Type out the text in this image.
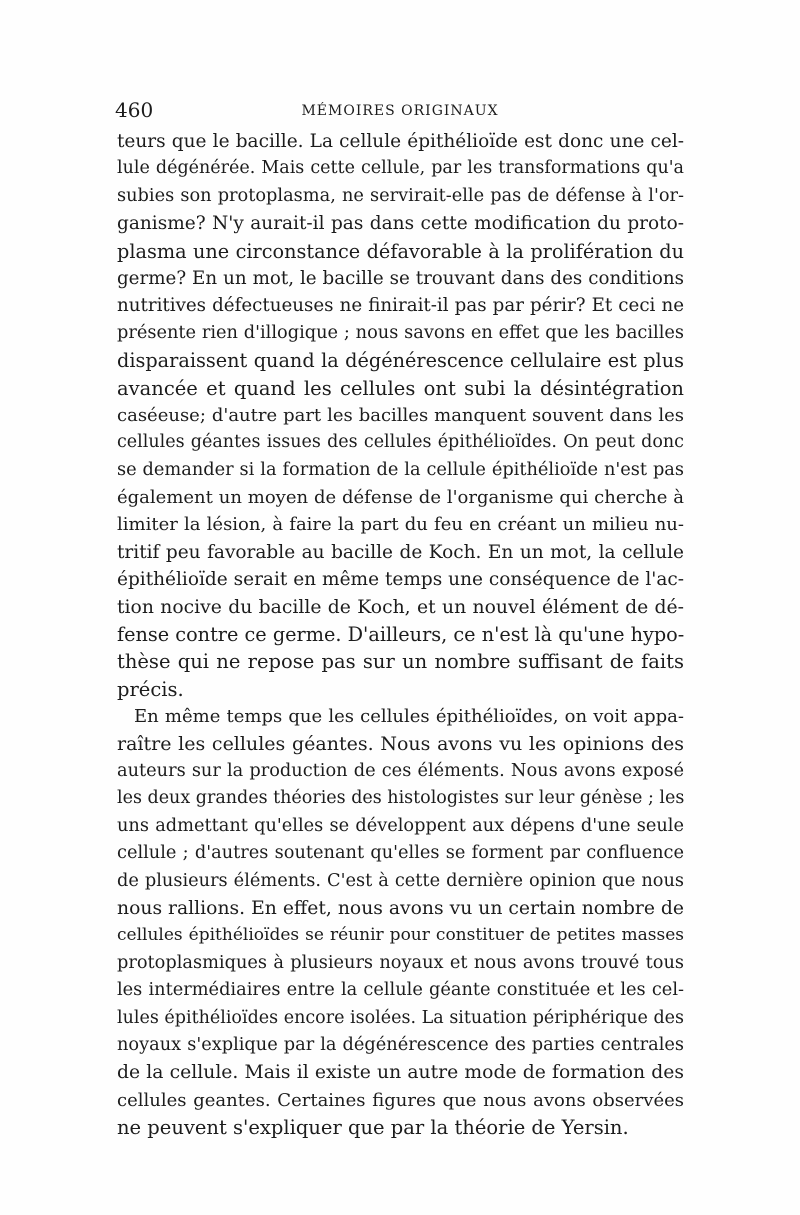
460	MÉMOIRES ORIGINAUX
teurs que le bacille. La cellule épithélioïde est donc une cel-
lule dégénérée. Mais cette cellule, par les transformations qu'a
subies son protoplasma, ne servirait-elle pas de défense à l'or-
ganisme? N'y aurait-il pas dans cette modification du proto-
plasma une circonstance défavorable à la prolifération du
germe? En un mot, le bacille se trouvant dans des conditions
nutritives défectueuses ne finirait-il pas par périr? Et ceci ne
présente rien d'illogique ; nous savons en effet que les bacilles
disparaissent quand la dégénérescence cellulaire est plus
avancée et quand les cellules ont subi la désintégration
caséeuse; d'autre part les bacilles manquent souvent dans les
cellules géantes issues des cellules épithélioïdes. On peut donc
se demander si la formation de la cellule épithélioïde n'est pas
également un moyen de défense de l'organisme qui cherche à
limiter la lésion, à faire la part du feu en créant un milieu nu-
tritif peu favorable au bacille de Koch. En un mot, la cellule
épithélioïde serait en même temps une conséquence de l'ac-
tion nocive du bacille de Koch, et un nouvel élément de dé-
fense contre ce germe. D'ailleurs, ce n'est là qu'une hypo-
thèse qui ne repose pas sur un nombre suffisant de faits
précis.
En même temps que les cellules épithélioïdes, on voit appa-
raître les cellules géantes. Nous avons vu les opinions des
auteurs sur la production de ces éléments. Nous avons exposé
les deux grandes théories des histologistes sur leur génèse ; les
uns admettant qu'elles se développent aux dépens d'une seule
cellule ; d'autres soutenant qu'elles se forment par confluence
de plusieurs éléments. C'est à cette dernière opinion que nous
nous rallions. En effet, nous avons vu un certain nombre de
cellules épithélioïdes se réunir pour constituer de petites masses
protoplasmiques à plusieurs noyaux et nous avons trouvé tous
les intermédiaires entre la cellule géante constituée et les cel-
lules épithélioïdes encore isolées. La situation périphérique des
noyaux s'explique par la dégénérescence des parties centrales
de la cellule. Mais il existe un autre mode de formation des
cellules geantes. Certaines figures que nous avons observées
ne peuvent s'expliquer que par la théorie de Yersin.
